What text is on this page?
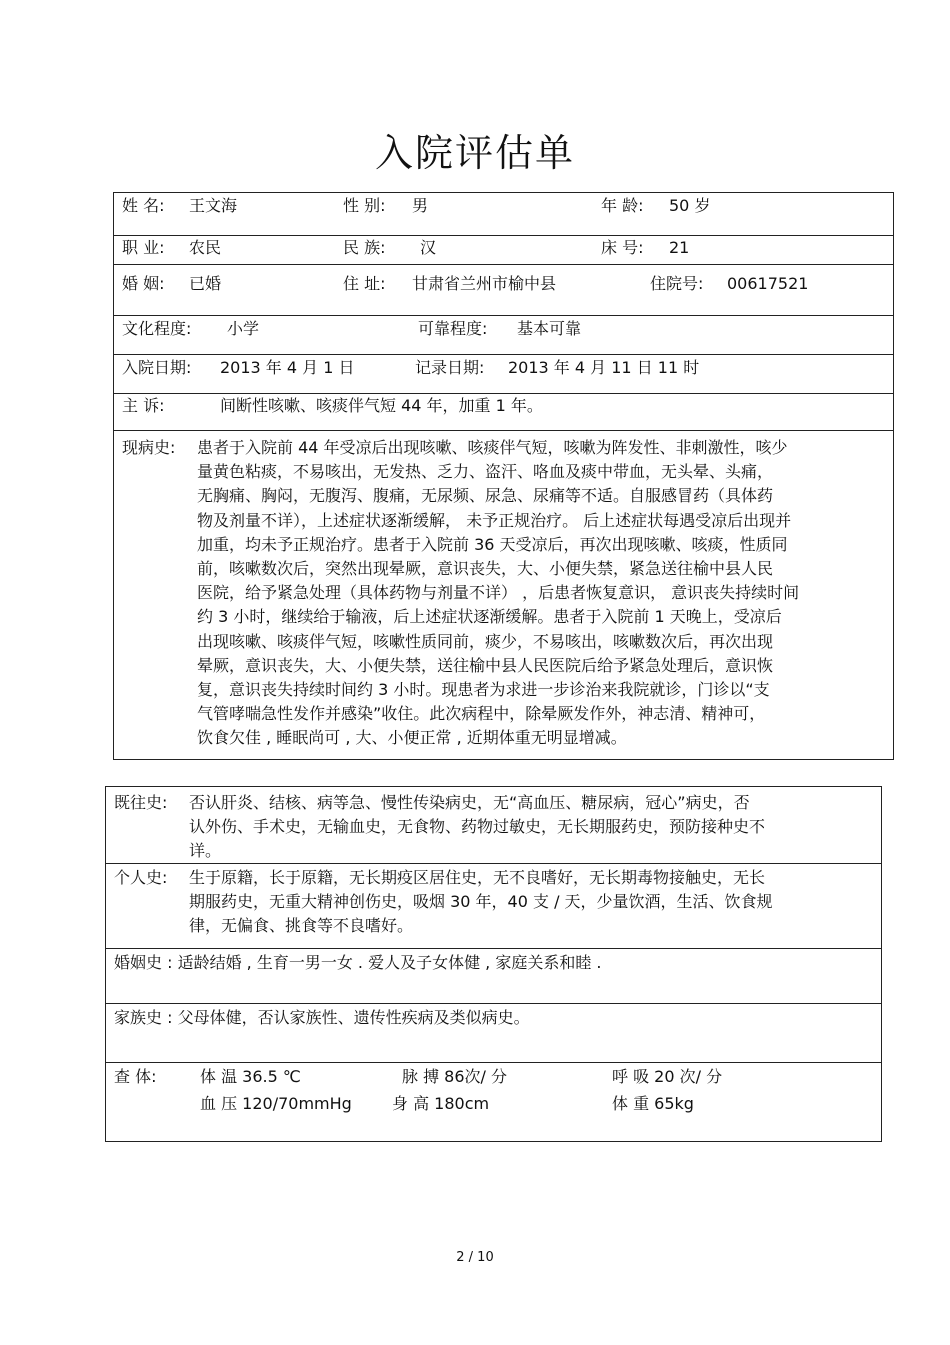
入院评估单
姓 名: 王文海	性 别: 男	年 龄: 50 岁
职 业: 农民	民 族: 汉	床 号: 21
婚 姻: 已婚	住 址: 甘肃省兰州市榆中县	住院号: 00617521
文化程度: 小学	可靠程度: 基本可靠
入院日期: 2013 年 4 月 1 日	记录日期: 2013 年 4 月 11 日 11 时
主 诉:	间断性咳嗽、咳痰伴气短 44 年，加重 1 年。
现病史: 患者于入院前 44 年受凉后出现咳嗽、咳痰伴气短，咳嗽为阵发性、非刺激性，咳少
量黄色粘痰，不易咳出，无发热、乏力、盗汗、咯血及痰中带血，无头晕、头痛，
无胸痛、胸闷，无腹泻、腹痛，无尿频、尿急、尿痛等不适。自服感冒药（具体药
物及剂量不详），上述症状逐渐缓解， 未予正规治疗。 后上述症状每遇受凉后出现并
加重，均未予正规治疗。患者于入院前 36 天受凉后，再次出现咳嗽、咳痰，性质同
前，咳嗽数次后，突然出现晕厥，意识丧失，大、小便失禁，紧急送往榆中县人民
医院，给予紧急处理（具体药物与剂量不详） ，后患者恢复意识， 意识丧失持续时间
约 3 小时，继续给于输液，后上述症状逐渐缓解。患者于入院前 1 天晚上，受凉后
出现咳嗽、咳痰伴气短，咳嗽性质同前，痰少，不易咳出，咳嗽数次后，再次出现
晕厥，意识丧失，大、小便失禁，送往榆中县人民医院后给予紧急处理后，意识恢
复，意识丧失持续时间约 3 小时。现患者为求进一步诊治来我院就诊，门诊以“支
气管哮喘急性发作并感染”收住。此次病程中，除晕厥发作外，神志清、精神可，
饮食欠佳 , 睡眠尚可 , 大、小便正常 , 近期体重无明显增减。
既往史: 否认肝炎、结核、病等急、慢性传染病史，无“高血压、糖尿病，冠心”病史，否
认外伤、手术史，无输血史，无食物、药物过敏史，无长期服药史，预防接种史不
详。
个人史: 生于原籍，长于原籍，无长期疫区居住史，无不良嗜好，无长期毒物接触史，无长
期服药史，无重大精神创伤史，吸烟 30 年，40 支 / 天，少量饮酒，生活、饮食规
律，无偏食、挑食等不良嗜好。
婚姻史 : 适龄结婚 , 生育一男一女 . 爱人及子女体健 , 家庭关系和睦 .
家族史 : 父母体健，否认家族性、遗传性疾病及类似病史。
查 体:	体 温 36.5 ℃	脉 搏 86次/ 分	呼 吸 20 次/ 分
血 压 120/70mmHg	身 高 180cm	体 重 65kg
2 / 10
